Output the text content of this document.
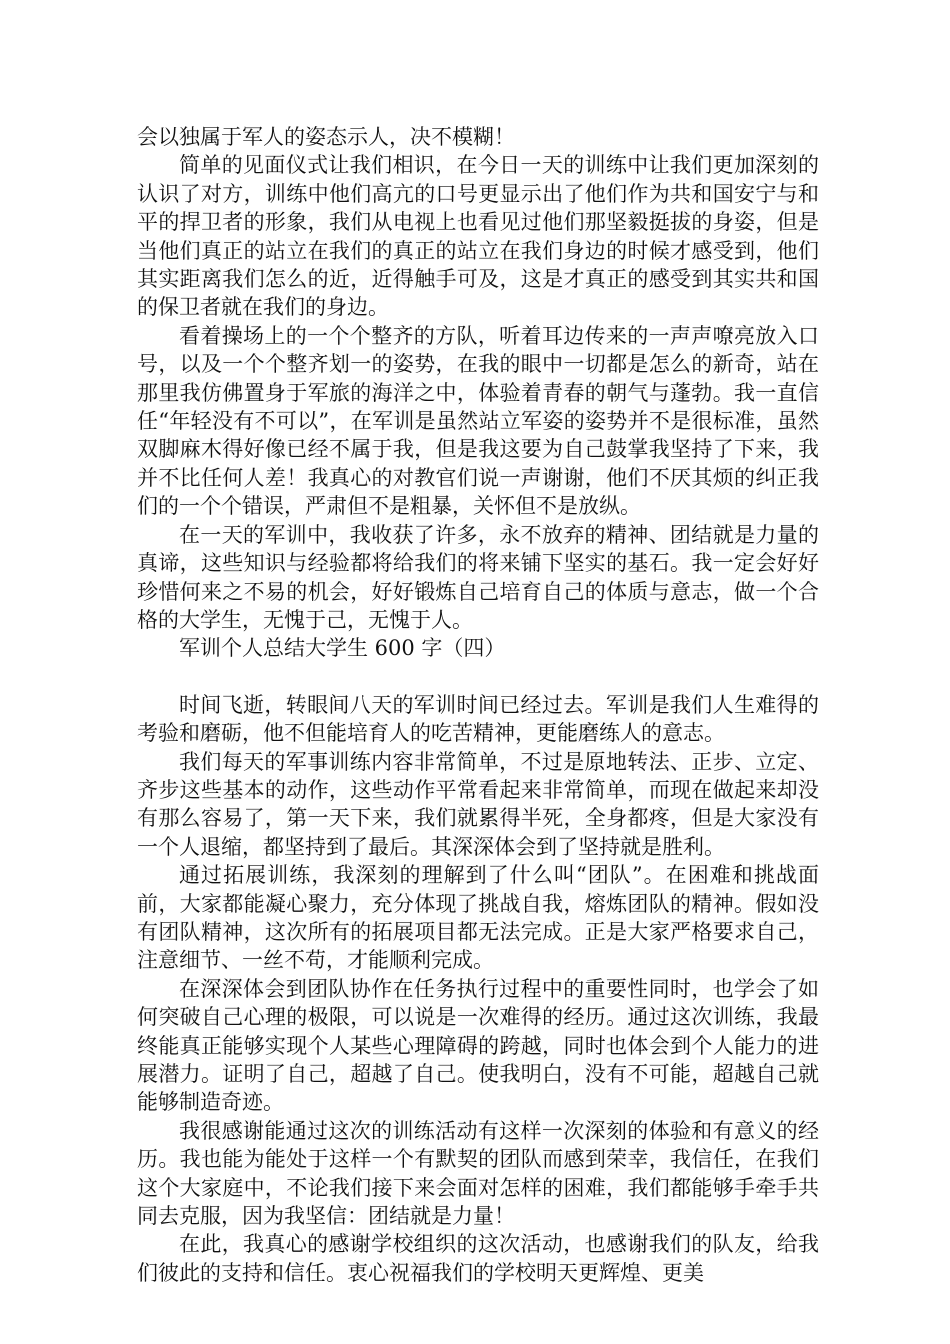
会以独属于军人的姿态示人，决不模糊！

简单的见面仪式让我们相识，在今日一天的训练中让我们更加深刻的认识了对方，训练中他们高亢的口号更显示出了他们作为共和国安宁与和平的捍卫者的形象，我们从电视上也看见过他们那坚毅挺拔的身姿，但是当他们真正的站立在我们的真正的站立在我们身边的时候才感受到，他们其实距离我们怎么的近，近得触手可及，这是才真正的感受到其实共和国的保卫者就在我们的身边。

看着操场上的一个个整齐的方队，听着耳边传来的一声声嘹亮放入口号，以及一个个整齐划一的姿势，在我的眼中一切都是怎么的新奇，站在那里我仿佛置身于军旅的海洋之中，体验着青春的朝气与蓬勃。我一直信任“年轻没有不可以”，在军训是虽然站立军姿的姿势并不是很标准，虽然双脚麻木得好像已经不属于我，但是我这要为自己鼓掌我坚持了下来，我并不比任何人差！我真心的对教官们说一声谢谢，他们不厌其烦的纠正我们的一个个错误，严肃但不是粗暴，关怀但不是放纵。

在一天的军训中，我收获了许多，永不放弃的精神、团结就是力量的真谛，这些知识与经验都将给我们的将来铺下坚实的基石。我一定会好好珍惜何来之不易的机会，好好锻炼自己培育自己的体质与意志，做一个合格的大学生，无愧于己，无愧于人。

军训个人总结大学生 600 字（四）

时间飞逝，转眼间八天的军训时间已经过去。军训是我们人生难得的考验和磨砺，他不但能培育人的吃苦精神，更能磨练人的意志。

我们每天的军事训练内容非常简单，不过是原地转法、正步、立定、齐步这些基本的动作，这些动作平常看起来非常简单，而现在做起来却没有那么容易了，第一天下来，我们就累得半死，全身都疼，但是大家没有一个人退缩，都坚持到了最后。其深深体会到了坚持就是胜利。

通过拓展训练，我深刻的理解到了什么叫“团队”。在困难和挑战面前，大家都能凝心聚力，充分体现了挑战自我，熔炼团队的精神。假如没有团队精神，这次所有的拓展项目都无法完成。正是大家严格要求自己，注意细节、一丝不苟，才能顺利完成。

在深深体会到团队协作在任务执行过程中的重要性同时，也学会了如何突破自己心理的极限，可以说是一次难得的经历。通过这次训练，我最终能真正能够实现个人某些心理障碍的跨越，同时也体会到个人能力的进展潜力。证明了自己，超越了自己。使我明白，没有不可能，超越自己就能够制造奇迹。

我很感谢能通过这次的训练活动有这样一次深刻的体验和有意义的经历。我也能为能处于这样一个有默契的团队而感到荣幸，我信任，在我们这个大家庭中，不论我们接下来会面对怎样的困难，我们都能够手牵手共同去克服，因为我坚信：团结就是力量！

在此，我真心的感谢学校组织的这次活动，也感谢我们的队友，给我们彼此的支持和信任。衷心祝福我们的学校明天更辉煌、更美
